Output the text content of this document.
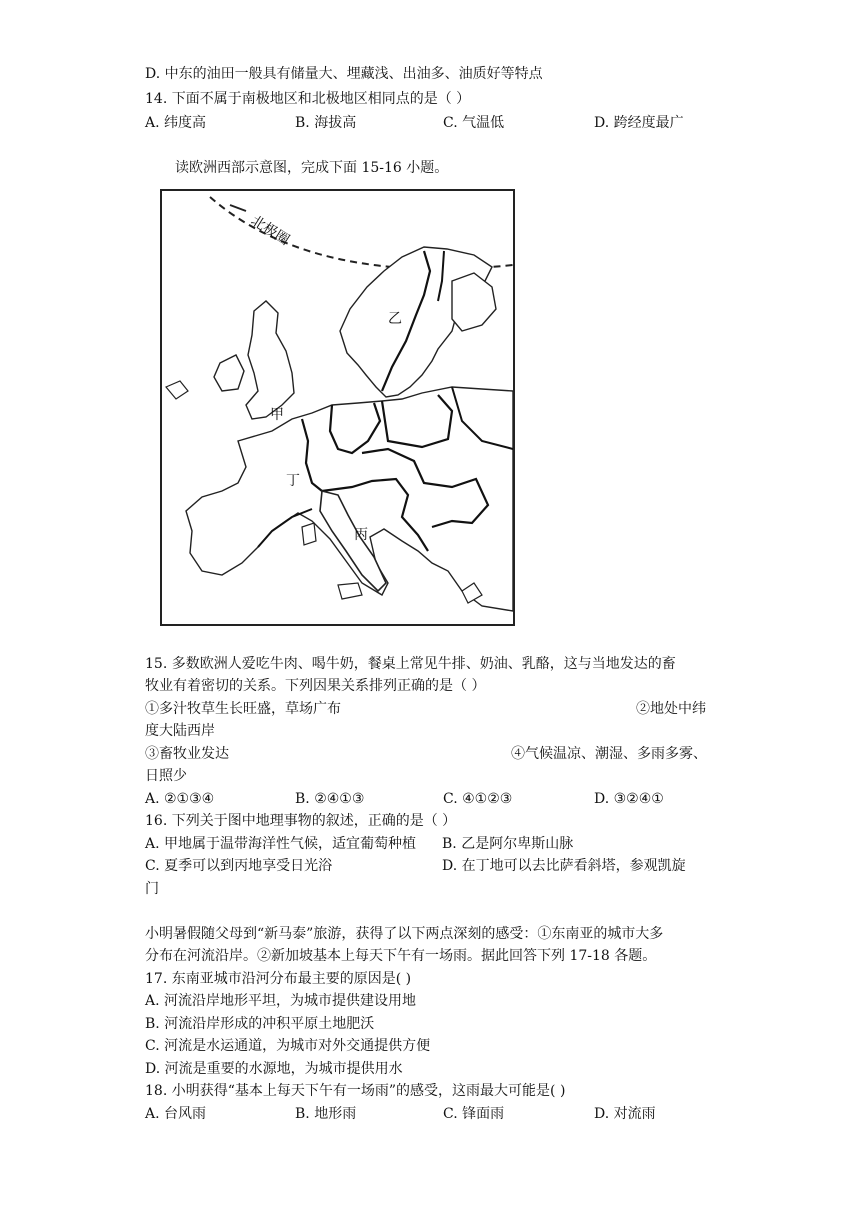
D. 中东的油田一般具有储量大、埋藏浅、出油多、油质好等特点
14. 下面不属于南极地区和北极地区相同点的是（ ）
A. 纬度高	B. 海拔高	C. 气温低	D. 跨经度最广
读欧洲西部示意图，完成下面 15-16 小题。
北极圈
乙
甲
丁
丙
15. 多数欧洲人爱吃牛肉、喝牛奶，餐桌上常见牛排、奶油、乳酪，这与当地发达的畜
牧业有着密切的关系。下列因果关系排列正确的是（ ）
①多汁牧草生长旺盛，草场广布	②地处中纬
度大陆西岸
③畜牧业发达	④气候温凉、潮湿、多雨多雾、
日照少
A. ②①③④	B. ②④①③	C. ④①②③	D. ③②④①
16. 下列关于图中地理事物的叙述，正确的是（ ）
A. 甲地属于温带海洋性气候，适宜葡萄种植 B. 乙是阿尔卑斯山脉
C. 夏季可以到丙地享受日光浴	D. 在丁地可以去比萨看斜塔，参观凯旋
门
小明暑假随父母到“新马泰”旅游，获得了以下两点深刻的感受：①东南亚的城市大多
分布在河流沿岸。②新加坡基本上每天下午有一场雨。据此回答下列 17-18 各题。
17. 东南亚城市沿河分布最主要的原因是( )
A. 河流沿岸地形平坦，为城市提供建设用地
B. 河流沿岸形成的冲积平原土地肥沃
C. 河流是水运通道，为城市对外交通提供方便
D. 河流是重要的水源地，为城市提供用水
18. 小明获得“基本上每天下午有一场雨”的感受，这雨最大可能是( )
A. 台风雨	B. 地形雨	C. 锋面雨	D. 对流雨
